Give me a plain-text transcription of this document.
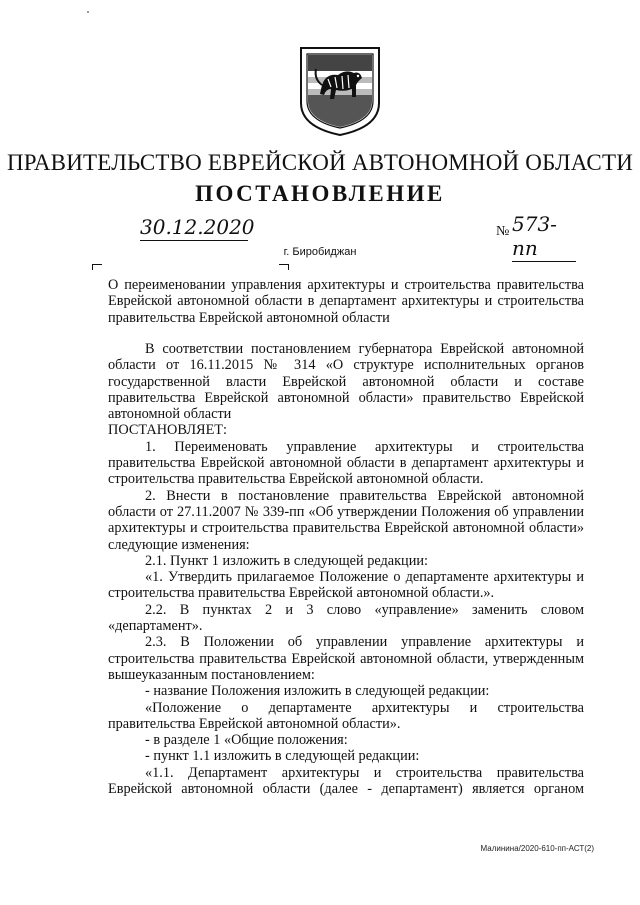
ПРАВИТЕЛЬСТВО ЕВРЕЙСКОЙ АВТОНОМНОЙ ОБЛАСТИ
ПОСТАНОВЛЕНИЕ
30.12.2020	№ 573-пп
г. Биробиджан
О переименовании управления архитектуры и строительства правительства
Еврейской автономной области в департамент архитектуры и строительства
правительства Еврейской автономной области

В соответствии постановлением губернатора Еврейской автономной

области от 16.11.2015 № 314 «О структуре исполнительных органов

государственной власти Еврейской автономной области и составе

правительства Еврейской автономной области» правительство Еврейской

автономной области

ПОСТАНОВЛЯЕТ:

1. Переименовать управление архитектуры и строительства

правительства Еврейской автономной области в департамент архитектуры и

строительства правительства Еврейской автономной области.

2. Внести в постановление правительства Еврейской автономной

области от 27.11.2007 № 339-пп «Об утверждении Положения об управлении

архитектуры и строительства правительства Еврейской автономной области»

следующие изменения:

2.1. Пункт 1 изложить в следующей редакции:

«1. Утвердить прилагаемое Положение о департаменте архитектуры и

строительства правительства Еврейской автономной области.».

2.2. В пунктах 2 и 3 слово «управление» заменить словом

«департамент».

2.3. В Положении об управлении управление архитектуры и

строительства правительства Еврейской автономной области, утвержденным

вышеуказанным постановлением:

- название Положения изложить в следующей редакции:

«Положение о департаменте архитектуры и строительства

правительства Еврейской автономной области».

- в разделе 1 «Общие положения:

- пункт 1.1 изложить в следующей редакции:

«1.1. Департамент архитектуры и строительства правительства

Еврейской автономной области (далее - департамент) является органом

Малинина/2020-610-пп-АСТ(2)
